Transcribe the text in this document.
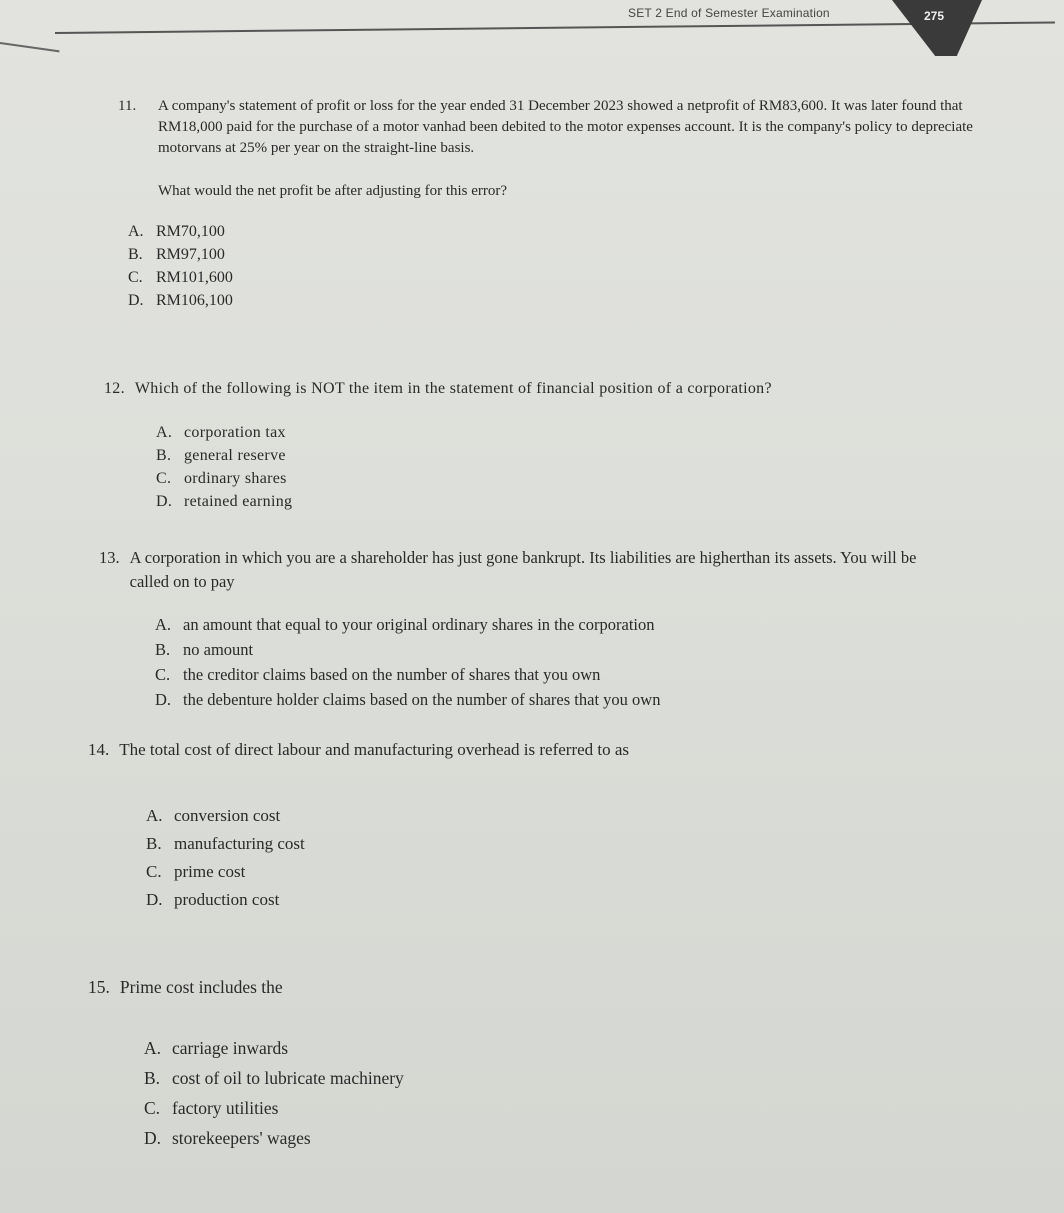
SET 2 End of Semester Examination	275
11.	A company's statement of profit or loss for the year ended 31 December 2023 showed a netprofit of RM83,600. It was later found that RM18,000 paid for the purchase of a motor vanhad been debited to the motor expenses account. It is the company's policy to depreciate motorvans at 25% per year on the straight-line basis.
What would the net profit be after adjusting for this error?
A. RM70,100
B. RM97,100
C. RM101,600
D. RM106,100
12. Which of the following is NOT the item in the statement of financial position of a corporation?
A. corporation tax
B. general reserve
C. ordinary shares
D. retained earning
13. A corporation in which you are a shareholder has just gone bankrupt. Its liabilities are higherthan its assets. You will be called on to pay
A. an amount that equal to your original ordinary shares in the corporation
B. no amount
C. the creditor claims based on the number of shares that you own
D. the debenture holder claims based on the number of shares that you own
14. The total cost of direct labour and manufacturing overhead is referred to as
A. conversion cost
B. manufacturing cost
C. prime cost
D. production cost
15. Prime cost includes the
A. carriage inwards
B. cost of oil to lubricate machinery
C. factory utilities
D. storekeepers' wages
